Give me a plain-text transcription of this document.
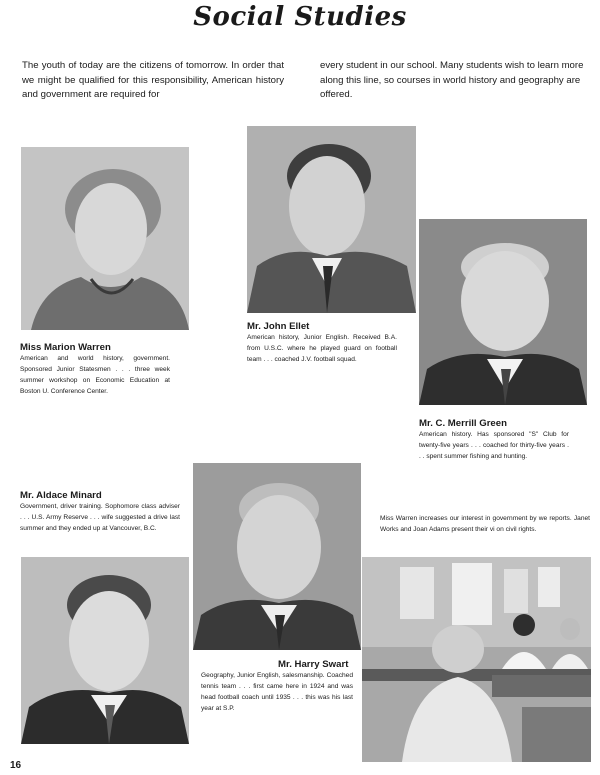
Social Studies
The youth of today are the citizens of tomorrow. In order that we might be qualified for this responsibility, American history and government are required for
every student in our school. Many students wish to learn more along this line, so courses in world history and geography are offered.
Miss Marion Warren
American and world history, government. Sponsored Junior Statesmen . . . three week summer workshop on Economic Education at Boston U. Conference Center.
Mr. John Ellet
American history, Junior English. Received B.A. from U.S.C. where he played guard on football team . . . coached J.V. football squad.
Mr. C. Merrill Green
American history. Has sponsored "S" Club for twenty-five years . . . coached for thirty-five years . . . spent summer fishing and hunting.
Mr. Aldace Minard
Government, driver training. Sophomore class adviser . . . U.S. Army Reserve . . . wife suggested a drive last summer and they ended up at Vancouver, B.C.
Mr. Harry Swart
Geography, Junior English, salesmanship. Coached tennis team . . . first came here in 1924 and was head football coach until 1935 . . . this was his last year at S.P.
Miss Warren increases our interest in government by we reports. Janet Works and Joan Adams present their vi on civil rights.
16
